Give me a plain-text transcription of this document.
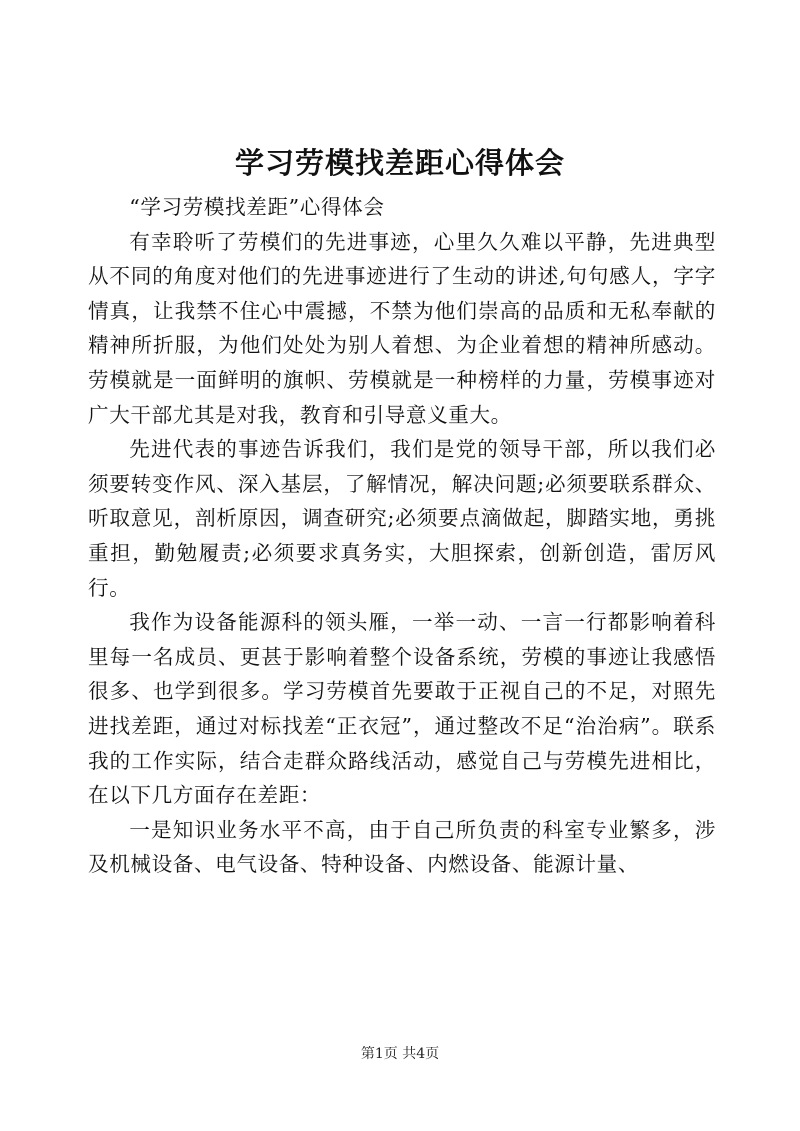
学习劳模找差距心得体会

“学习劳模找差距”心得体会

有幸聆听了劳模们的先进事迹，心里久久难以平静，先进典型从不同的角度对他们的先进事迹进行了生动的讲述,句句感人，字字情真，让我禁不住心中震撼，不禁为他们崇高的品质和无私奉献的精神所折服，为他们处处为别人着想、为企业着想的精神所感动。劳模就是一面鲜明的旗帜、劳模就是一种榜样的力量，劳模事迹对广大干部尤其是对我，教育和引导意义重大。

先进代表的事迹告诉我们，我们是党的领导干部，所以我们必须要转变作风、深入基层，了解情况，解决问题;必须要联系群众、听取意见，剖析原因，调查研究;必须要点滴做起，脚踏实地，勇挑重担，勤勉履责;必须要求真务实，大胆探索，创新创造，雷厉风行。

我作为设备能源科的领头雁，一举一动、一言一行都影响着科里每一名成员、更甚于影响着整个设备系统，劳模的事迹让我感悟很多、也学到很多。学习劳模首先要敢于正视自己的不足，对照先进找差距，通过对标找差“正衣冠”，通过整改不足“治治病”。联系我的工作实际，结合走群众路线活动，感觉自己与劳模先进相比，在以下几方面存在差距：

一是知识业务水平不高，由于自己所负责的科室专业繁多，涉及机械设备、电气设备、特种设备、内燃设备、能源计量、

第1页 共4页
